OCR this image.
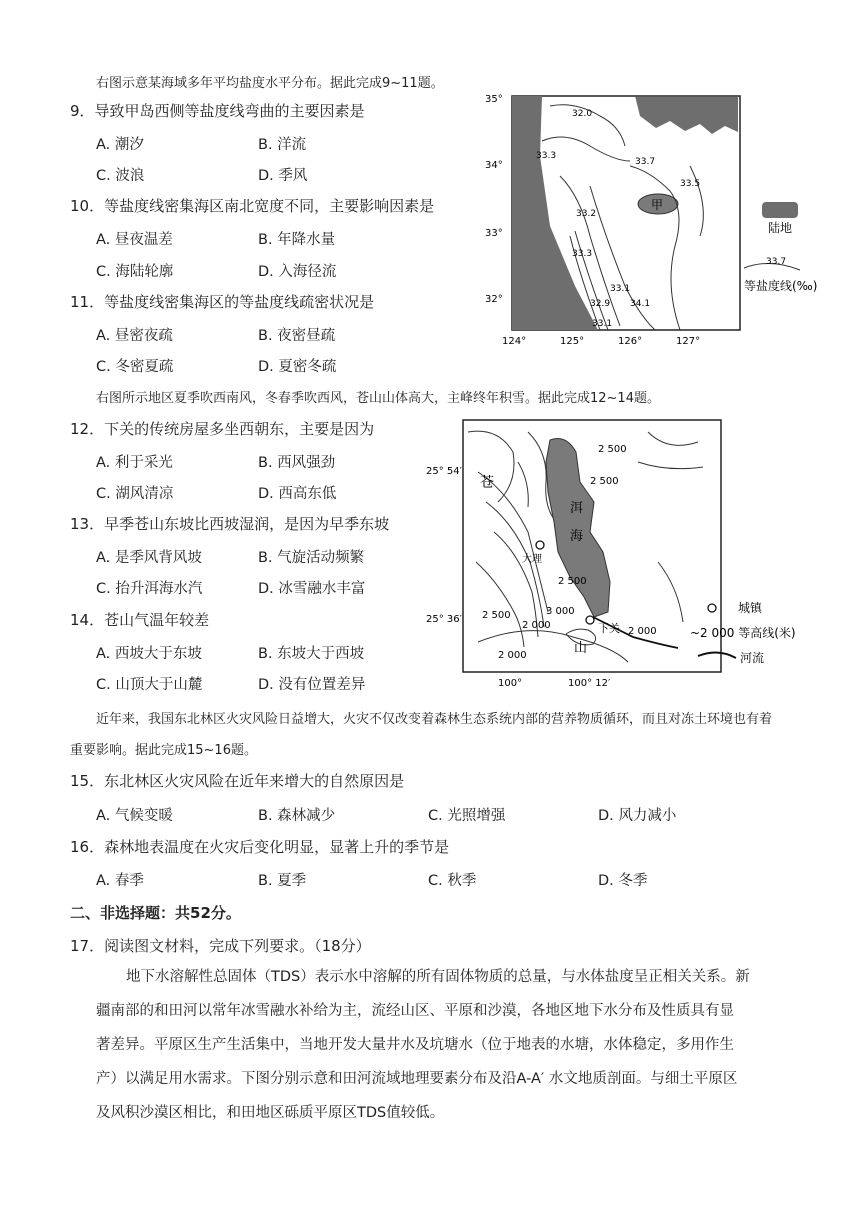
右图示意某海域多年平均盐度水平分布。据此完成9~11题。
9．导致甲岛西侧等盐度线弯曲的主要因素是
A. 潮汐	B. 洋流
C. 波浪	D. 季风
10．等盐度线密集海区南北宽度不同，主要影响因素是
A. 昼夜温差	B. 年降水量
C. 海陆轮廓	D. 入海径流
11．等盐度线密集海区的等盐度线疏密状况是
A. 昼密夜疏	B. 夜密昼疏
C. 冬密夏疏	D. 夏密冬疏
甲
32.0
33.3
33.7
33.5
33.2
33.3
33.1
34.1
32.9
33.1
35°
34°
33°
32°
124°	125°	126°	127°
陆地
33.7
等盐度线(‰)
右图所示地区夏季吹西南风，冬春季吹西风，苍山山体高大，主峰终年积雪。据此完成12~14题。
12．下关的传统房屋多坐西朝东，主要是因为
A. 利于采光	B. 西风强劲
C. 湖风清凉	D. 西高东低
13．早季苍山东坡比西坡湿润，是因为早季东坡
A. 是季风背风坡	B. 气旋活动频繁
C. 抬升洱海水汽	D. 冰雪融水丰富
14．苍山气温年较差
A. 西坡大于东坡	B. 东坡大于西坡
C. 山顶大于山麓	D. 没有位置差异
大理
下关
洱
海
苍
山
2 500
2 500
2 500
2 500	3 000
2 000
2 000
2 000
25° 54′
25° 36′
100°	100° 12′
城镇
~2 000 等高线(米)
河流
近年来，我国东北林区火灾风险日益增大，火灾不仅改变着森林生态系统内部的营养物质循环，而且对冻土环境也有着
重要影响。据此完成15~16题。
15．东北林区火灾风险在近年来增大的自然原因是
A. 气候变暖	B. 森林减少	C. 光照增强	D. 风力减小
16．森林地表温度在火灾后变化明显，显著上升的季节是
A. 春季	B. 夏季	C. 秋季	D. 冬季
二、非选择题：共52分。
17．阅读图文材料，完成下列要求。（18分）
地下水溶解性总固体（TDS）表示水中溶解的所有固体物质的总量，与水体盐度呈正相关关系。新
疆南部的和田河以常年冰雪融水补给为主，流经山区、平原和沙漠，各地区地下水分布及性质具有显
著差异。平原区生产生活集中，当地开发大量井水及坑塘水（位于地表的水塘，水体稳定，多用作生
产）以满足用水需求。下图分别示意和田河流域地理要素分布及沿A-A′ 水文地质剖面。与细土平原区
及风积沙漠区相比，和田地区砾质平原区TDS值较低。
